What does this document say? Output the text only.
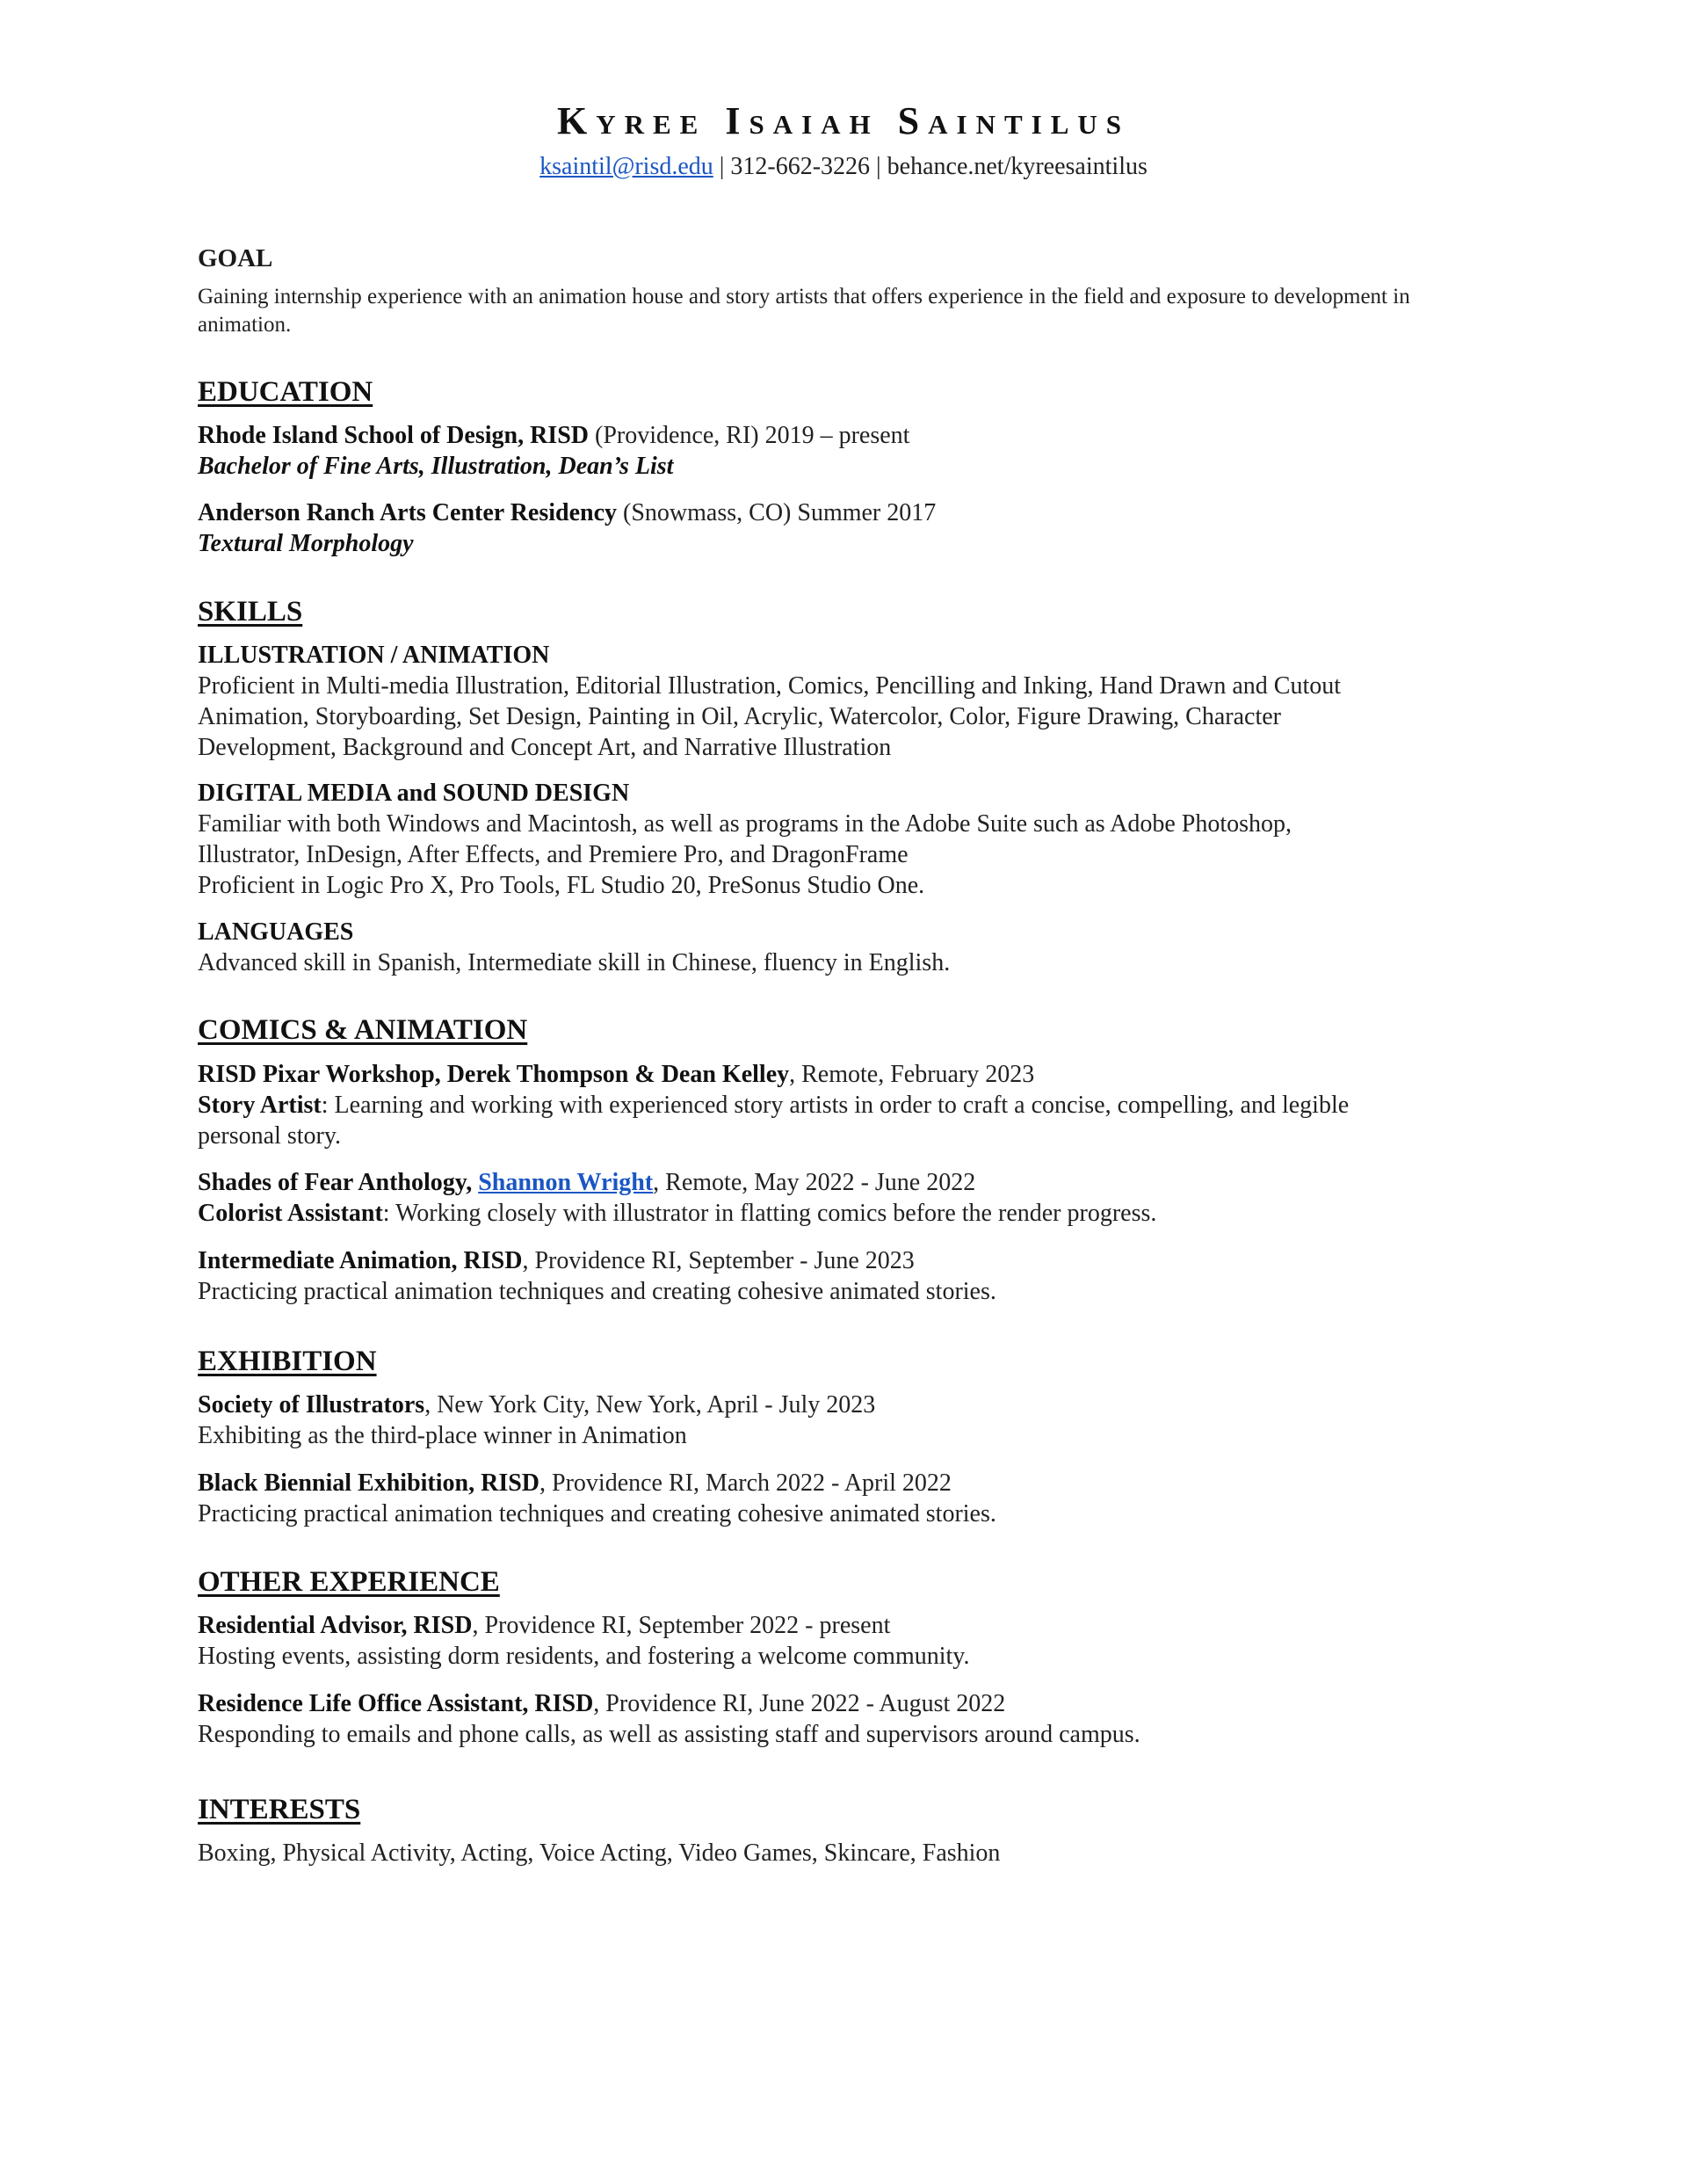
Kyree Isaiah Saintilus
ksaintil@risd.edu | 312-662-3226 | behance.net/kyreesaintilus
GOAL
Gaining internship experience with an animation house and story artists that offers experience in the field and exposure to development in animation.
EDUCATION
Rhode Island School of Design, RISD (Providence, RI) 2019 – present
Bachelor of Fine Arts, Illustration, Dean’s List
Anderson Ranch Arts Center Residency (Snowmass, CO) Summer 2017
Textural Morphology
SKILLS
ILLUSTRATION / ANIMATION
Proficient in Multi-media Illustration, Editorial Illustration, Comics, Pencilling and Inking, Hand Drawn and Cutout
Animation, Storyboarding, Set Design, Painting in Oil, Acrylic, Watercolor, Color, Figure Drawing, Character
Development, Background and Concept Art, and Narrative Illustration
DIGITAL MEDIA and SOUND DESIGN
Familiar with both Windows and Macintosh, as well as programs in the Adobe Suite such as Adobe Photoshop,
Illustrator, InDesign, After Effects, and Premiere Pro, and DragonFrame
Proficient in Logic Pro X, Pro Tools, FL Studio 20, PreSonus Studio One.
LANGUAGES
Advanced skill in Spanish, Intermediate skill in Chinese, fluency in English.
COMICS & ANIMATION
RISD Pixar Workshop, Derek Thompson & Dean Kelley, Remote, February 2023
Story Artist: Learning and working with experienced story artists in order to craft a concise, compelling, and legible
personal story.
Shades of Fear Anthology, Shannon Wright, Remote, May 2022 - June 2022
Colorist Assistant: Working closely with illustrator in flatting comics before the render progress.
Intermediate Animation, RISD, Providence RI, September - June 2023
Practicing practical animation techniques and creating cohesive animated stories.
EXHIBITION
Society of Illustrators, New York City, New York, April - July 2023
Exhibiting as the third-place winner in Animation
Black Biennial Exhibition, RISD, Providence RI, March 2022 - April 2022
Practicing practical animation techniques and creating cohesive animated stories.
OTHER EXPERIENCE
Residential Advisor, RISD, Providence RI, September 2022 - present
Hosting events, assisting dorm residents, and fostering a welcome community.
Residence Life Office Assistant, RISD, Providence RI, June 2022 - August 2022
Responding to emails and phone calls, as well as assisting staff and supervisors around campus.
INTERESTS
Boxing, Physical Activity, Acting, Voice Acting, Video Games, Skincare, Fashion
